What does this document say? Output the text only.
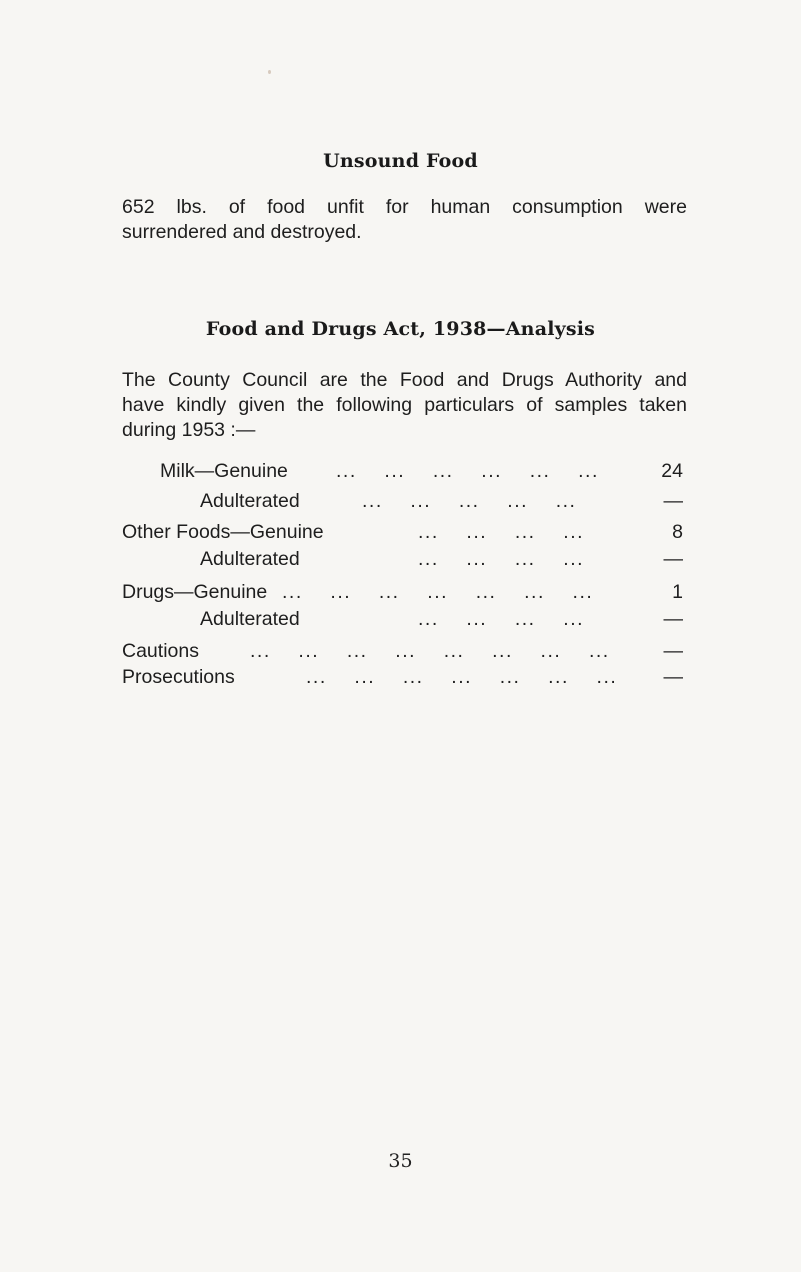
Unsound Food
652 lbs. of food unfit for human consumption were
surrendered and destroyed.
Food and Drugs Act, 1938—Analysis
The County Council are the Food and Drugs Authority and
have kindly given the following particulars of samples taken
during 1953 :—
Milk—Genuine ...    ...    ...    ...    ...    ...	24
Adulterated	...    ...    ...    ...    ...	—
Other Foods—Genuine	...    ...    ...    ...	8
Adulterated	...    ...    ...    ...	—
Drugs—Genuine ...    ...    ...    ...    ...    ...    ...	1
Adulterated	...    ...    ...    ...	—
Cautions	...    ...    ...    ...    ...    ...    ...    ...	—
Prosecutions	...    ...    ...    ...    ...    ...    ... —
35
